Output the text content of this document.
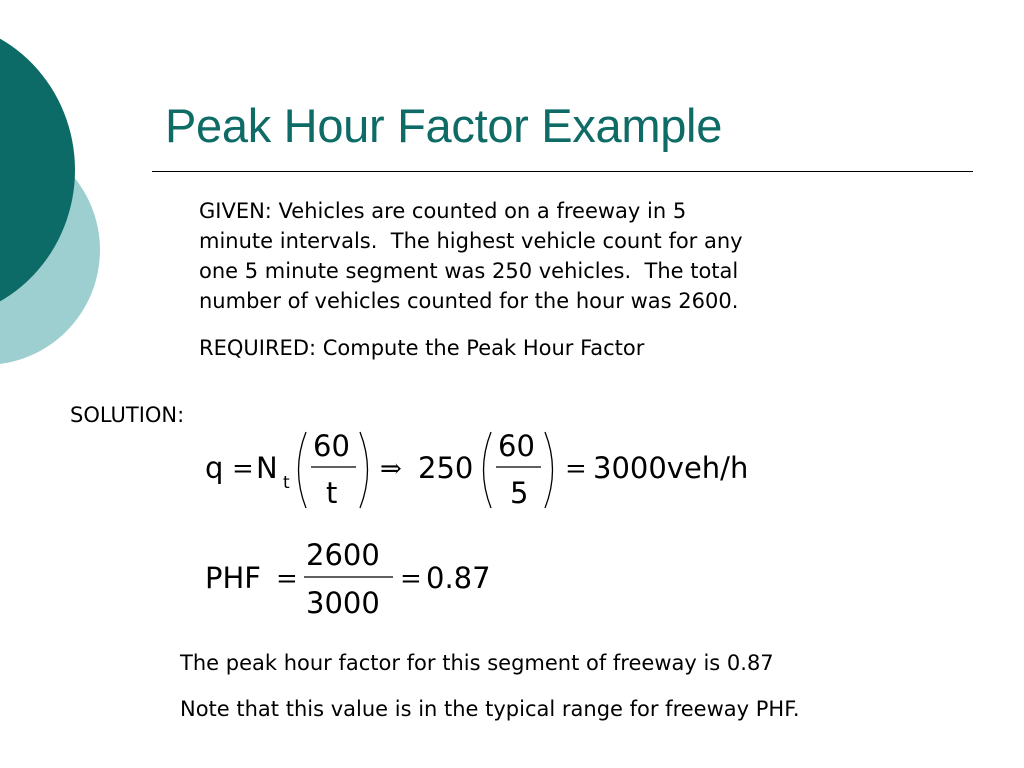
Peak Hour Factor Example
GIVEN: Vehicles are counted on a freeway in 5
minute intervals.  The highest vehicle count for any
one 5 minute segment was 250 vehicles.  The total
number of vehicles counted for the hour was 2600.
REQUIRED: Compute the Peak Hour Factor
SOLUTION:
q = N t
60
t
⇒ 250
60
5
= 3000veh/h
PHF =
2600
3000
= 0.87
The peak hour factor for this segment of freeway is 0.87
Note that this value is in the typical range for freeway PHF.
